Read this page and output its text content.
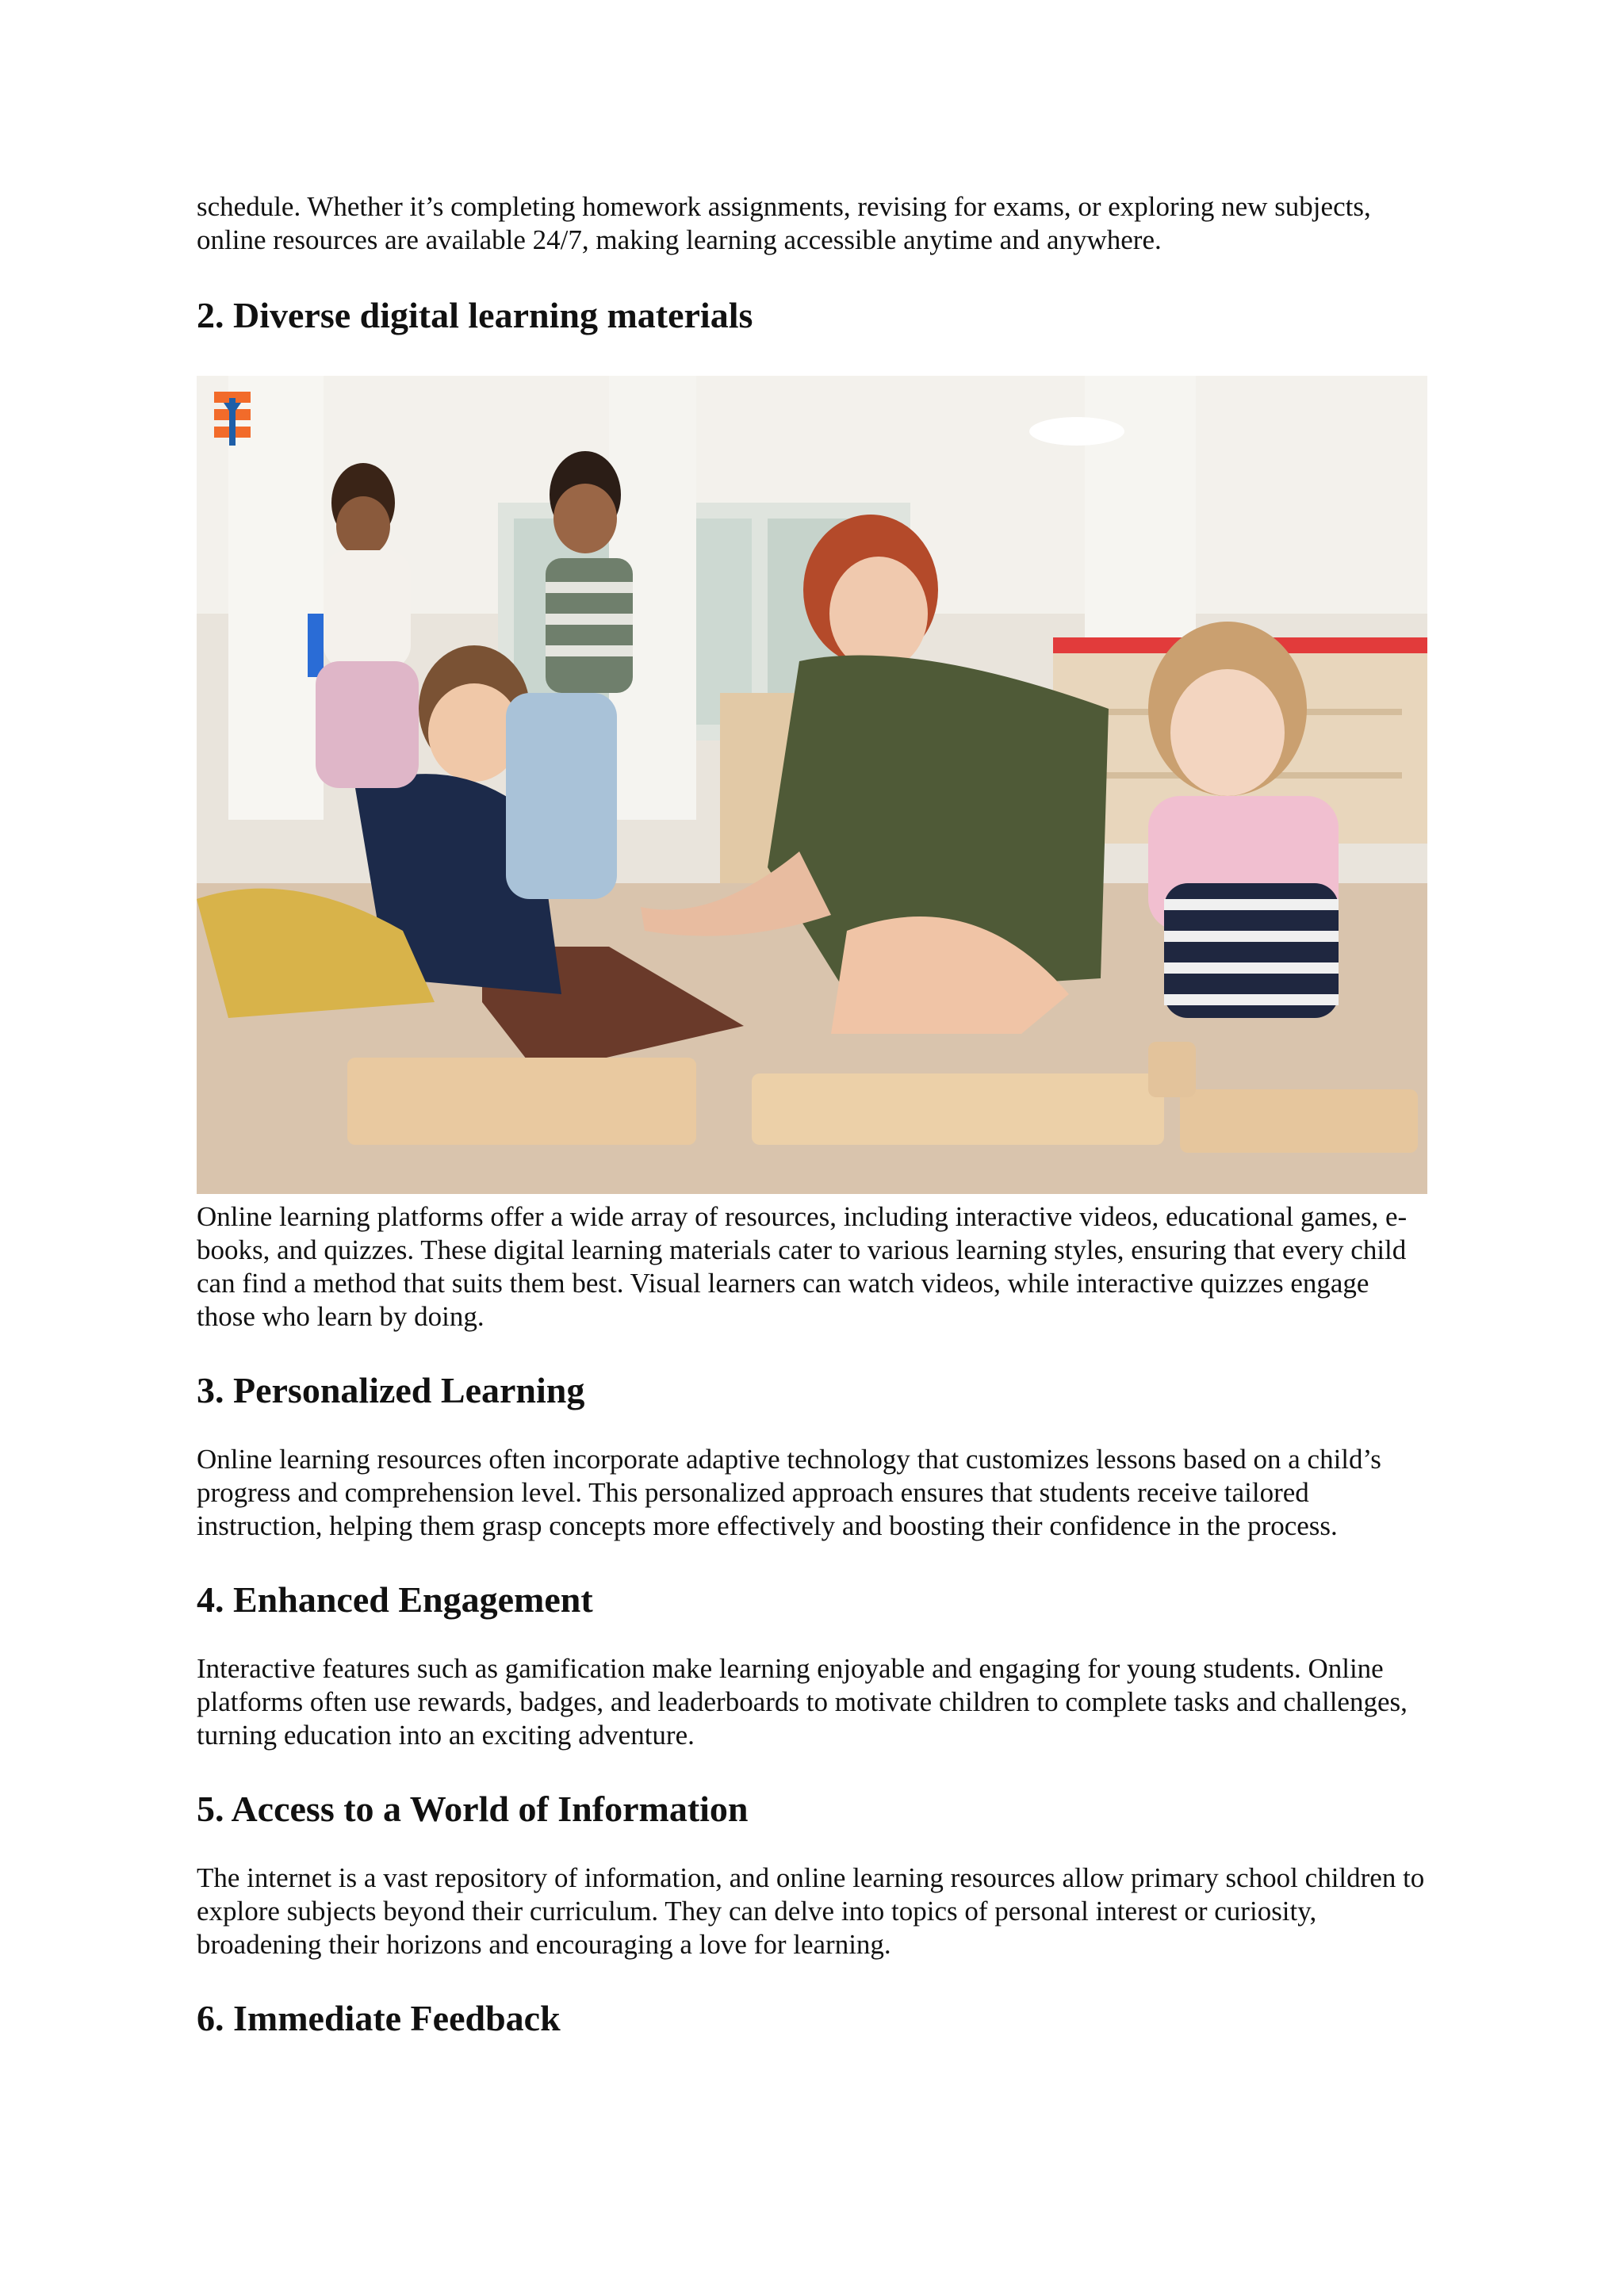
schedule. Whether it’s completing homework assignments, revising for exams, or exploring new subjects, online resources are available 24/7, making learning accessible anytime and anywhere.

2. Diverse digital learning materials

Online learning platforms offer a wide array of resources, including interactive videos, educational games, e-books, and quizzes. These digital learning materials cater to various learning styles, ensuring that every child can find a method that suits them best. Visual learners can watch videos, while interactive quizzes engage those who learn by doing.

3. Personalized Learning

Online learning resources often incorporate adaptive technology that customizes lessons based on a child’s progress and comprehension level. This personalized approach ensures that students receive tailored instruction, helping them grasp concepts more effectively and boosting their confidence in the process.

4. Enhanced Engagement

Interactive features such as gamification make learning enjoyable and engaging for young students. Online platforms often use rewards, badges, and leaderboards to motivate children to complete tasks and challenges, turning education into an exciting adventure.

5. Access to a World of Information

The internet is a vast repository of information, and online learning resources allow primary school children to explore subjects beyond their curriculum. They can delve into topics of personal interest or curiosity, broadening their horizons and encouraging a love for learning.

6. Immediate Feedback
